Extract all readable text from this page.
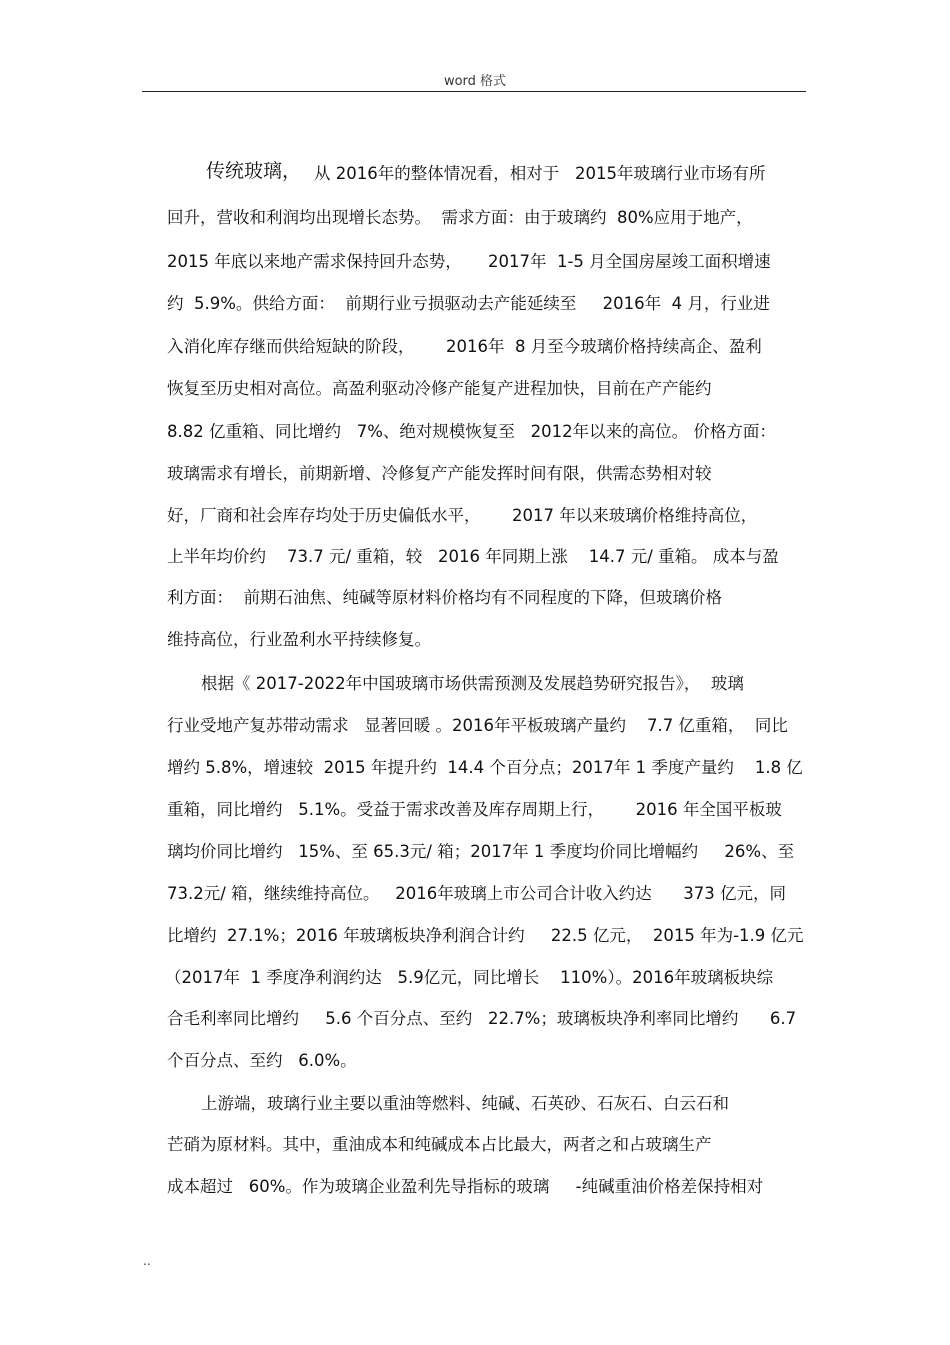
word 格式
传统玻璃， 从 2016年的整体情况看，相对于   2015年玻璃行业市场有所
回升，营收和利润均出现增长态势。  需求方面：由于玻璃约  80%应用于地产，
2015 年底以来地产需求保持回升态势，     2017年  1-5 月全国房屋竣工面积增速
约  5.9%。供给方面：  前期行业亏损驱动去产能延续至     2016年  4 月，行业进
入消化库存继而供给短缺的阶段，      2016年  8 月至今玻璃价格持续高企、盈利
恢复至历史相对高位。高盈利驱动冷修产能复产进程加快，目前在产产能约
8.82 亿重箱、同比增约   7%、绝对规模恢复至   2012年以来的高位。 价格方面：
玻璃需求有增长，前期新增、冷修复产产能发挥时间有限，供需态势相对较
好，厂商和社会库存均处于历史偏低水平，      2017 年以来玻璃价格维持高位，
上半年均价约    73.7 元/ 重箱，较   2016 年同期上涨    14.7 元/ 重箱。 成本与盈
利方面：  前期石油焦、纯碱等原材料价格均有不同程度的下降，但玻璃价格
维持高位，行业盈利水平持续修复。
根据《 2017-2022年中国玻璃市场供需预测及发展趋势研究报告》，  玻璃
行业受地产复苏带动需求   显著回暖 。2016年平板玻璃产量约    7.7 亿重箱，  同比
增约 5.8%，增速较  2015 年提升约  14.4 个百分点；2017年 1 季度产量约    1.8 亿
重箱，同比增约   5.1%。受益于需求改善及库存周期上行，      2016 年全国平板玻
璃均价同比增约   15%、至 65.3元/ 箱；2017年 1 季度均价同比增幅约     26%、至
73.2元/ 箱，继续维持高位。   2016年玻璃上市公司合计收入约达      373 亿元，同
比增约  27.1%；2016 年玻璃板块净利润合计约     22.5 亿元，  2015 年为-1.9 亿元
（2017年  1 季度净利润约达   5.9亿元，同比增长    110%）。2016年玻璃板块综
合毛利率同比增约     5.6 个百分点、至约   22.7%；玻璃板块净利率同比增约      6.7
个百分点、至约   6.0%。
上游端，玻璃行业主要以重油等燃料、纯碱、石英砂、石灰石、白云石和
芒硝为原材料。其中，重油成本和纯碱成本占比最大，两者之和占玻璃生产
成本超过   60%。作为玻璃企业盈利先导指标的玻璃     -纯碱重油价格差保持相对
..
